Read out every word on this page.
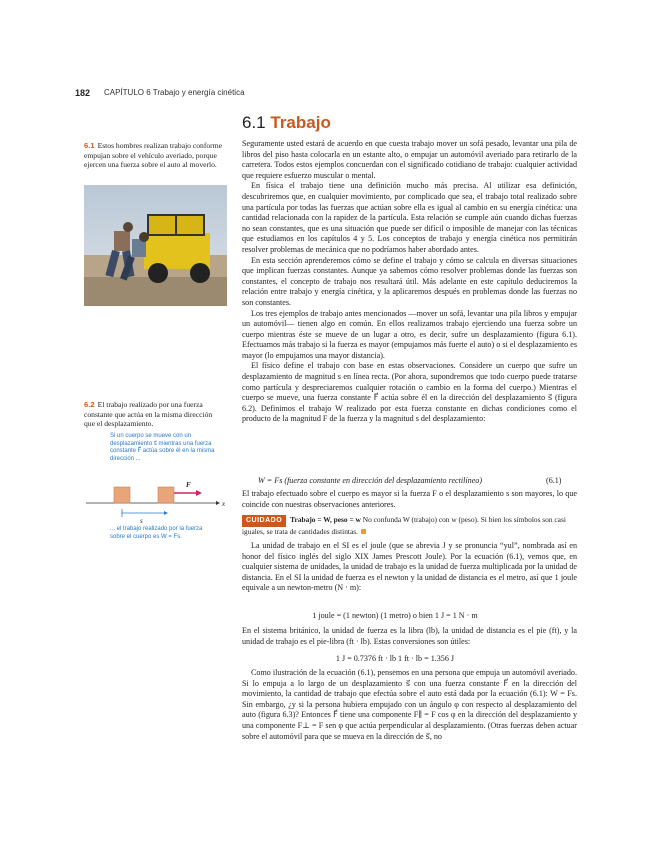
182 CAPÍTULO 6 Trabajo y energía cinética
6.1 Trabajo
6.1 Estos hombres realizan trabajo conforme empujan sobre el vehículo averiado, porque ejercen una fuerza sobre el auto al moverlo.
6.2 El trabajo realizado por una fuerza constante que actúa en la misma dirección que el desplazamiento.
Si un cuerpo se mueve con un desplazamiento s⃗ mientras una fuerza constante F⃗ actúa sobre él en la misma dirección ...
F⃗
x
s⃗
... el trabajo realizado por la fuerza sobre el cuerpo es W = Fs.

Seguramente usted estará de acuerdo en que cuesta trabajo mover un sofá pesado, levantar una pila de libros del piso hasta colocarla en un estante alto, o empujar un automóvil averiado para retirarlo de la carretera. Todos estos ejemplos concuerdan con el significado cotidiano de trabajo: cualquier actividad que requiere esfuerzo muscular o mental.

En física el trabajo tiene una definición mucho más precisa. Al utilizar esa definición, descubriremos que, en cualquier movimiento, por complicado que sea, el trabajo total realizado sobre una partícula por todas las fuerzas que actúan sobre ella es igual al cambio en su energía cinética: una cantidad relacionada con la rapidez de la partícula. Esta relación se cumple aún cuando dichas fuerzas no sean constantes, que es una situación que puede ser difícil o imposible de manejar con las técnicas que estudiamos en los capítulos 4 y 5. Los conceptos de trabajo y energía cinética nos permitirán resolver problemas de mecánica que no podríamos haber abordado antes.

En esta sección aprenderemos cómo se define el trabajo y cómo se calcula en diversas situaciones que implican fuerzas constantes. Aunque ya sabemos cómo resolver problemas donde las fuerzas son constantes, el concepto de trabajo nos resultará útil. Más adelante en este capítulo deduciremos la relación entre trabajo y energía cinética, y la aplicaremos después en problemas donde las fuerzas no son constantes.

Los tres ejemplos de trabajo antes mencionados —mover un sofá, levantar una pila libros y empujar un automóvil— tienen algo en común. En ellos realizamos trabajo ejerciendo una fuerza sobre un cuerpo mientras éste se mueve de un lugar a otro, es decir, sufre un desplazamiento (figura 6.1). Efectuamos más trabajo si la fuerza es mayor (empujamos más fuerte el auto) o si el desplazamiento es mayor (lo empujamos una mayor distancia).

El físico define el trabajo con base en estas observaciones. Considere un cuerpo que sufre un desplazamiento de magnitud s en línea recta. (Por ahora, supondremos que todo cuerpo puede tratarse como partícula y despreciaremos cualquier rotación o cambio en la forma del cuerpo.) Mientras el cuerpo se mueve, una fuerza constante F⃗ actúa sobre él en la dirección del desplazamiento s⃗ (figura 6.2). Definimos el trabajo W realizado por esta fuerza constante en dichas condiciones como el producto de la magnitud F de la fuerza y la magnitud s del desplazamiento:

W = Fs (fuerza constante en dirección del desplazamiento rectilíneo)	(6.1)

El trabajo efectuado sobre el cuerpo es mayor si la fuerza F o el desplazamiento s son mayores, lo que coincide con nuestras observaciones anteriores.

CUIDADO Trabajo = W, peso = w No confunda W (trabajo) con w (peso). Si bien los símbolos son casi iguales, se trata de cantidades distintas.

La unidad de trabajo en el SI es el joule (que se abrevia J y se pronuncia “yul”, nombrada así en honor del físico inglés del siglo XIX James Prescott Joule). Por la ecuación (6.1), vemos que, en cualquier sistema de unidades, la unidad de trabajo es la unidad de fuerza multiplicada por la unidad de distancia. En el SI la unidad de fuerza es el newton y la unidad de distancia es el metro, así que 1 joule equivale a un newton-metro (N · m):

1 joule = (1 newton) (1 metro) o bien 1 J = 1 N · m

En el sistema británico, la unidad de fuerza es la libra (lb), la unidad de distancia es el pie (ft), y la unidad de trabajo es el pie-libra (ft · lb). Estas conversiones son útiles:

1 J = 0.7376 ft · lb 1 ft · lb = 1.356 J

Como ilustración de la ecuación (6.1), pensemos en una persona que empuja un automóvil averiado. Si lo empuja a lo largo de un desplazamiento s⃗ con una fuerza constante F⃗ en la dirección del movimiento, la cantidad de trabajo que efectúa sobre el auto está dada por la ecuación (6.1): W = Fs. Sin embargo, ¿y si la persona hubiera empujado con un ángulo φ con respecto al desplazamiento del auto (figura 6.3)? Entonces F⃗ tiene una componente F∥ = F cos φ en la dirección del desplazamiento y una componente F⊥ = F sen φ que actúa perpendicular al desplazamiento. (Otras fuerzas deben actuar sobre el automóvil para que se mueva en la dirección de s⃗, no
